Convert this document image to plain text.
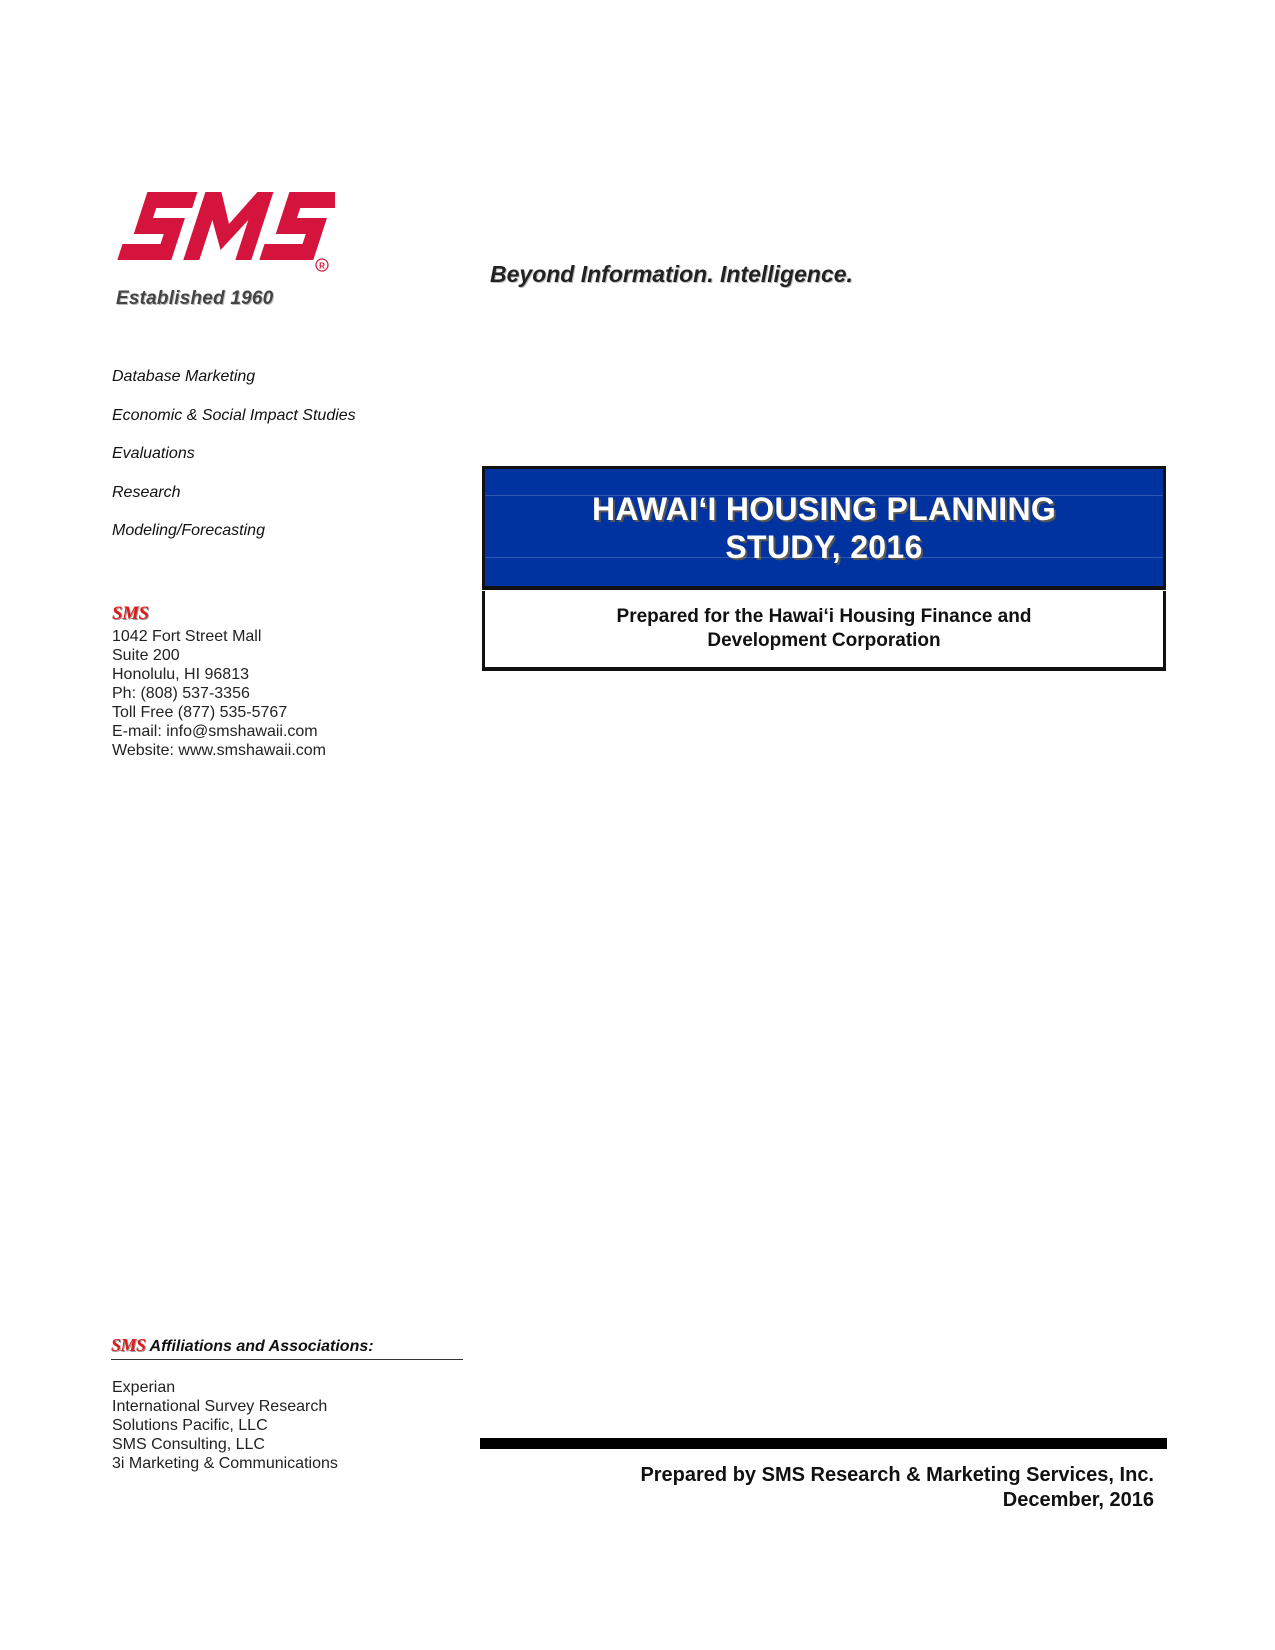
R
Established 1960
Beyond Information. Intelligence.
Database Marketing
Economic & Social Impact Studies
Evaluations
Research
Modeling/Forecasting
SMS
1042 Fort Street Mall
Suite 200
Honolulu, HI 96813
Ph: (808) 537-3356
Toll Free (877) 535-5767
E-mail: info@smshawaii.com
Website: www.smshawaii.com
HAWAIʻI HOUSING PLANNING
STUDY, 2016
Prepared for the Hawaiʻi Housing Finance and
Development Corporation
SMS Affiliations and Associations:
Experian
International Survey Research
Solutions Pacific, LLC
SMS Consulting, LLC
3i Marketing & Communications
Prepared by SMS Research & Marketing Services, Inc.
December, 2016
